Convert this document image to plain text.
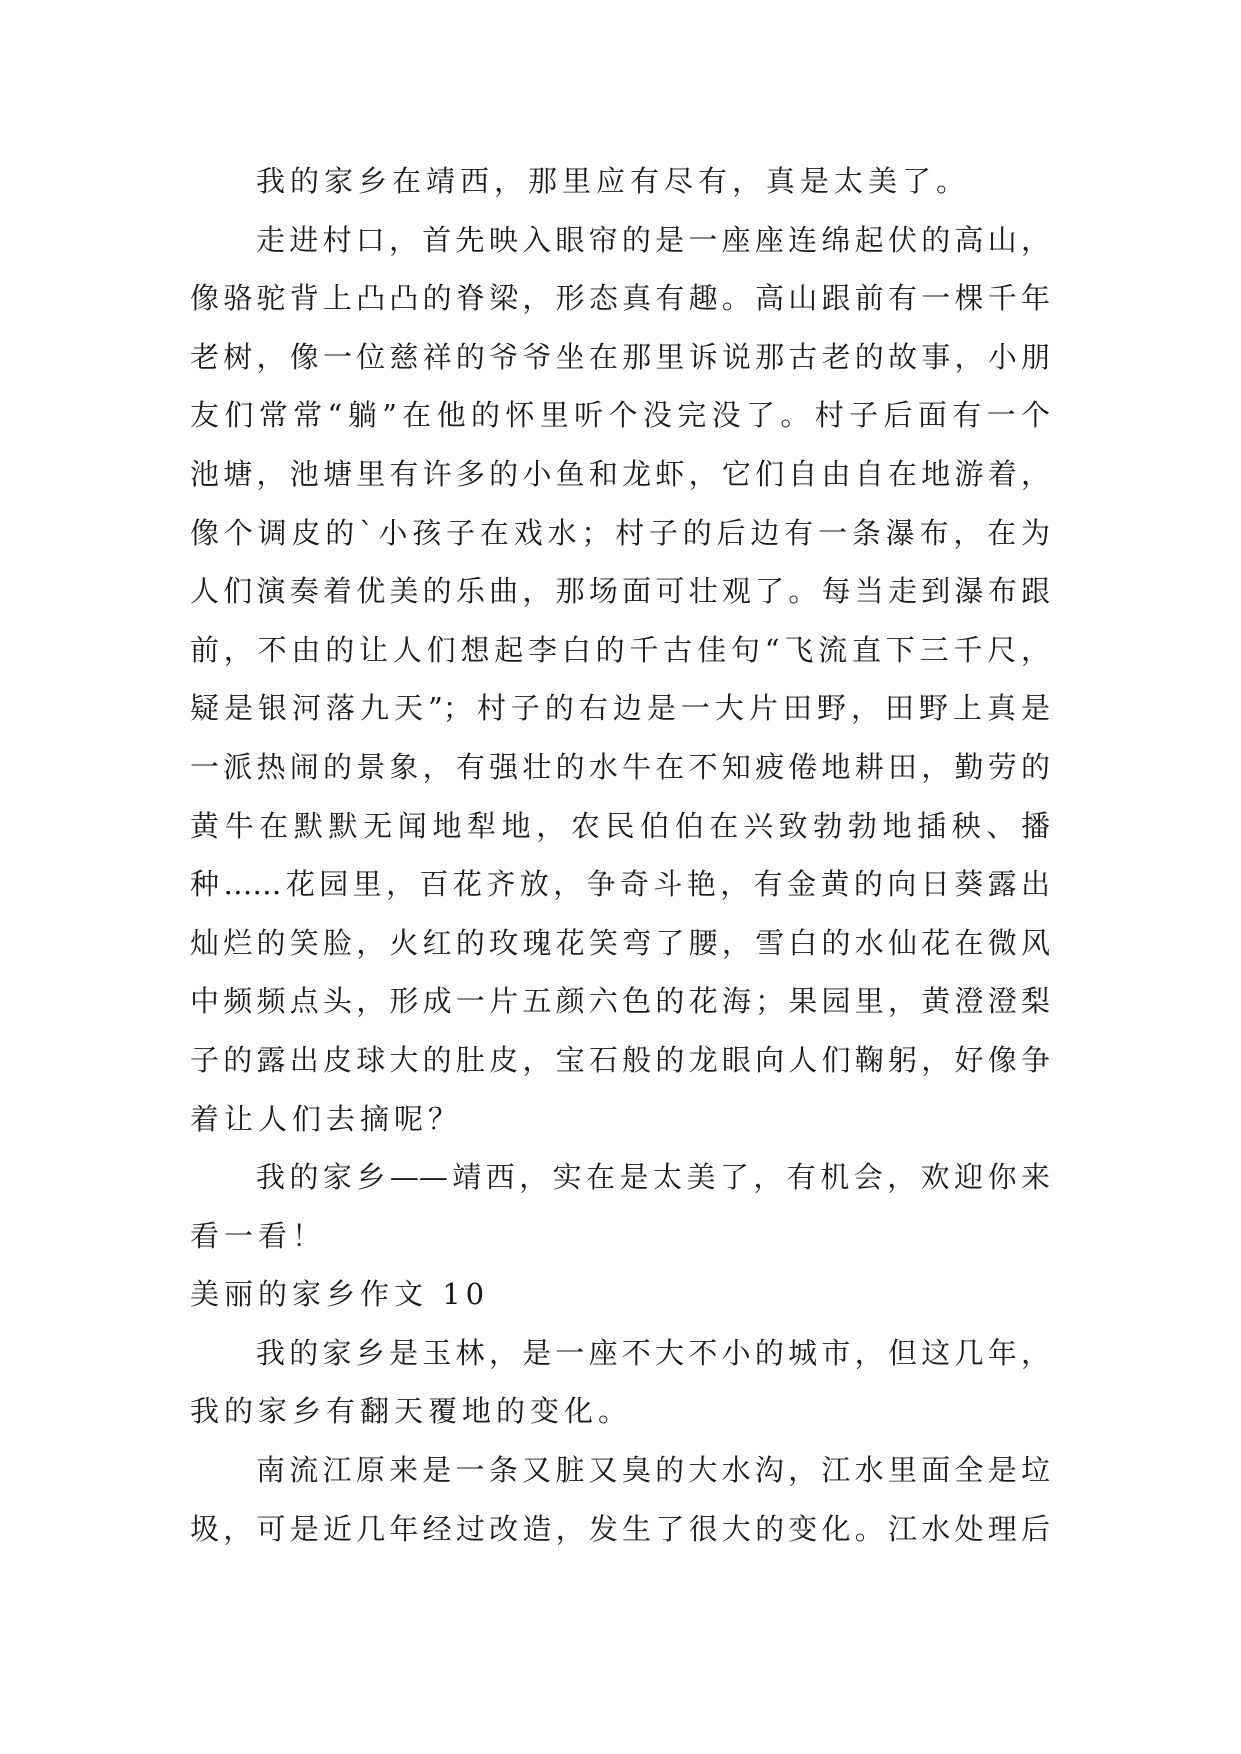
我的家乡在靖西，那里应有尽有，真是太美了。
走进村口，首先映入眼帘的是一座座连绵起伏的高山，
像骆驼背上凸凸的脊梁，形态真有趣。高山跟前有一棵千年
老树，像一位慈祥的爷爷坐在那里诉说那古老的故事，小朋
友们常常“躺”在他的怀里听个没完没了。村子后面有一个
池塘，池塘里有许多的小鱼和龙虾，它们自由自在地游着，
像个调皮的`小孩子在戏水；村子的后边有一条瀑布，在为
人们演奏着优美的乐曲，那场面可壮观了。每当走到瀑布跟
前，不由的让人们想起李白的千古佳句“飞流直下三千尺，
疑是银河落九天”；村子的右边是一大片田野，田野上真是
一派热闹的景象，有强壮的水牛在不知疲倦地耕田，勤劳的
黄牛在默默无闻地犁地，农民伯伯在兴致勃勃地插秧、播
种……花园里，百花齐放，争奇斗艳，有金黄的向日葵露出
灿烂的笑脸，火红的玫瑰花笑弯了腰，雪白的水仙花在微风
中频频点头，形成一片五颜六色的花海；果园里，黄澄澄梨
子的露出皮球大的肚皮，宝石般的龙眼向人们鞠躬，好像争
着让人们去摘呢？
我的家乡——靖西，实在是太美了，有机会，欢迎你来
看一看！
美丽的家乡作文 10
我的家乡是玉林，是一座不大不小的城市，但这几年，
我的家乡有翻天覆地的变化。
南流江原来是一条又脏又臭的大水沟，江水里面全是垃
圾，可是近几年经过改造，发生了很大的变化。江水处理后
